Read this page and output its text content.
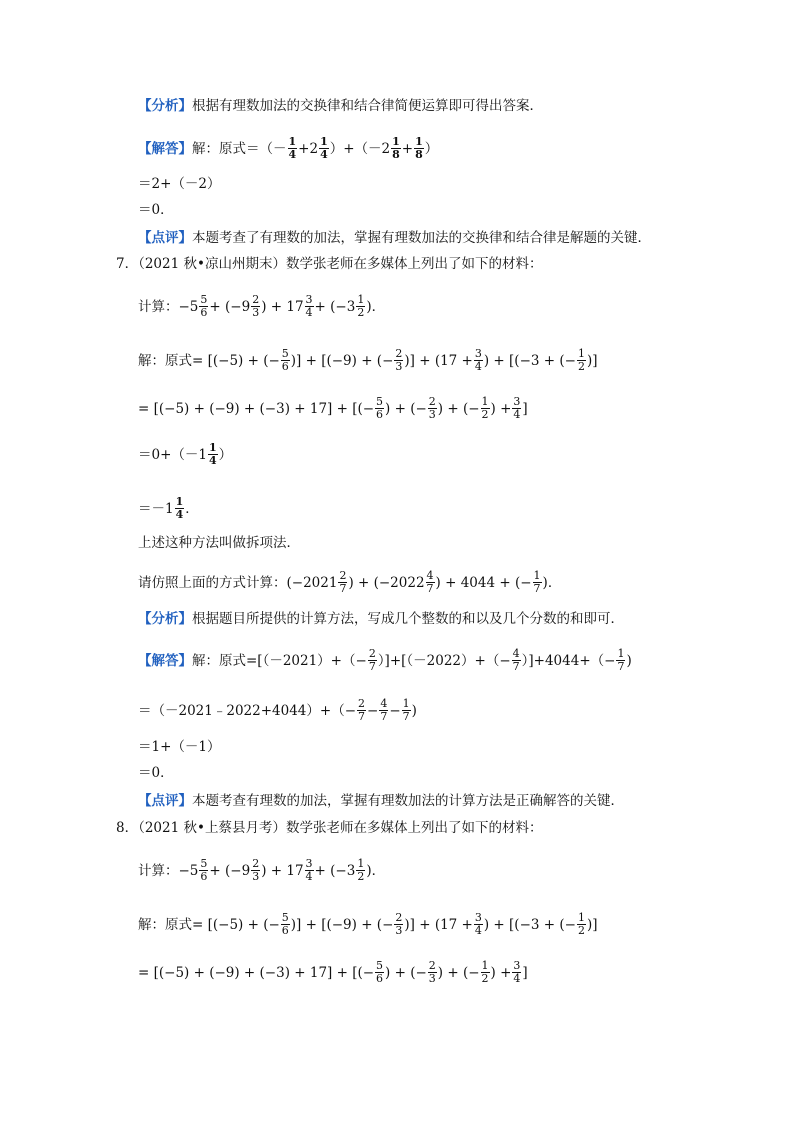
【分析】 根据有理数加法的交换律和结合律简便运算即可得出答案．
【解答】 解：原式＝（－ 1
4 +2 1
4 ）+（－2 1
$8 + \frac{1}{8}$ ）
＝2+（－2）
＝0．
【点评】 本题考查了有理数的加法，掌握有理数加法的交换律和结合律是解题的关键．
7．（2021 秋•凉山州期末）数学张老师在多媒体上列出了如下的材料：
计算： −5 5
6 + (−9 2
3 ) + 17 3
4 + (−3 1
2 )．
解：原式= [(−5) + (− $\frac{5}{6}$ )] + [(−9) + (− $\frac{2}{3}$ )] + ($17 + \frac{3}{4}$ ) + [(−3 + (− $\frac{1}{2}$ )]
= [(−5) + (−9) + (−3) + 17] + [(− $\frac{5}{6}$ ) + (− $\frac{2}{3}$ ) + (− $\frac{1}{2}$ ) + $\frac{3}{4}$ ]
＝0+（－1 1
4 ）
＝－1 1
4 ．
上述这种方法叫做拆项法．
请仿照上面的方式计算：(−2021 2
7 ) + (−2022 4
7 ) + 4044 + (− $\frac{1}{7}$ )．
【分析】 根据题目所提供的计算方法，写成几个整数的和以及几个分数的和即可．
【解答】 解：原式$=[(-2021)+(- \frac{2}{7} )]+[(-2022)+(- \frac{4}{7} )]+4044+(- \frac{1}{7}$ )
＝（－2021﹣2022+4044）+（− $\frac{2}{7} - \frac{4}{7} - \frac{1}{7}$ )
＝1+（－1）
＝0．
【点评】 本题考查有理数的加法，掌握有理数加法的计算方法是正确解答的关键．
8．（2021 秋•上蔡县月考）数学张老师在多媒体上列出了如下的材料：
计算： −5 5
6 + (−9 2
3 ) + 17 3
4 + (−3 1
2 )．
解：原式= [(−5) + (− $\frac{5}{6}$ )] + [(−9) + (− $\frac{2}{3}$ )] + ($17 + \frac{3}{4}$ ) + [(−3 + (− $\frac{1}{2}$ )]
= [(−5) + (−9) + (−3) + 17] + [(− $\frac{5}{6}$ ) + (− $\frac{2}{3}$ ) + (− $\frac{1}{2}$ ) + $\frac{3}{4}$ ]
